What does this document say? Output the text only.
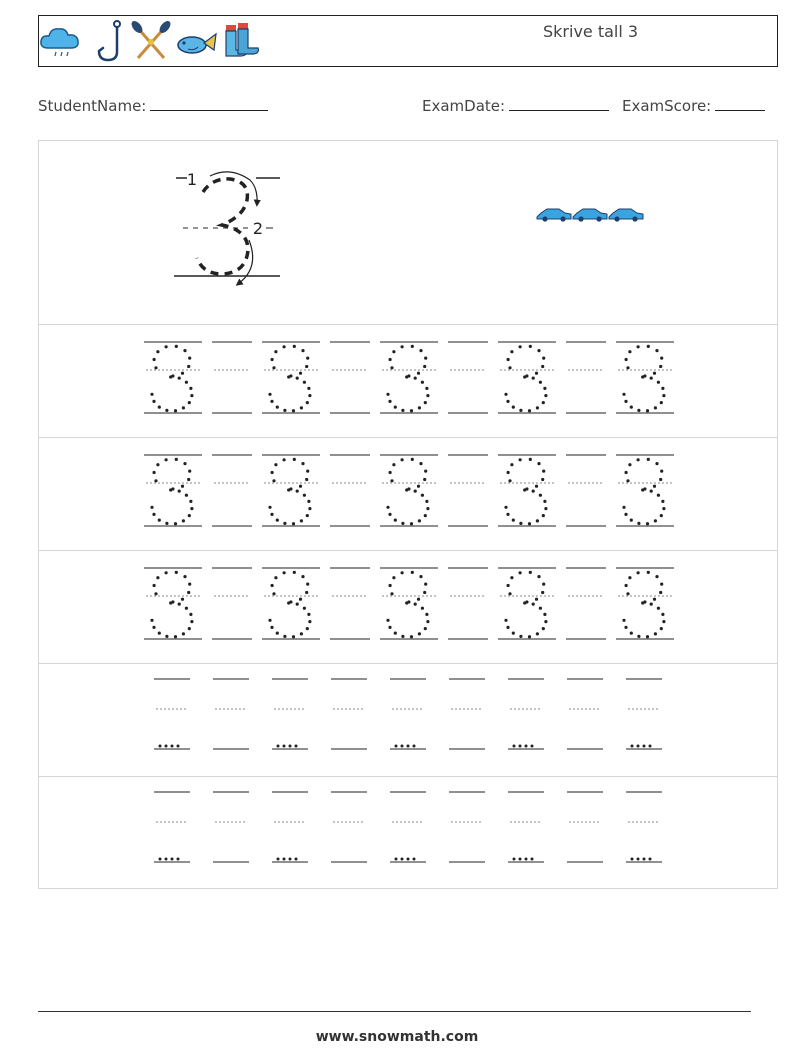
Skrive tall 3
StudentName:	ExamDate:	ExamScore:
1
2
www.snowmath.com
